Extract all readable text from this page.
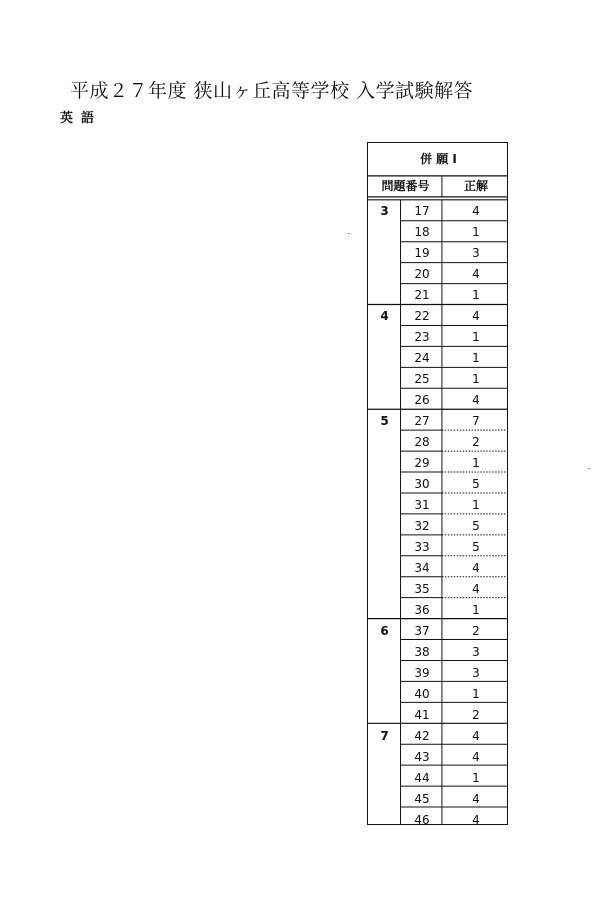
平成２７年度 狭山ヶ丘高等学校 入学試験解答
英語
併 願 Ⅰ
問題番号	正解
3	17	4
18	1
19	3
20	4
21	1
4	22	4
23	1
24	1
25	1
26	4
5	27	7
28	2
29	1
30	5
31	1
32	5
33	5
34	4
35	4
36	1
6	37	2
38	3
39	3
40	1
41	2
7	42	4
43	4
44	1
45	4
46	4
